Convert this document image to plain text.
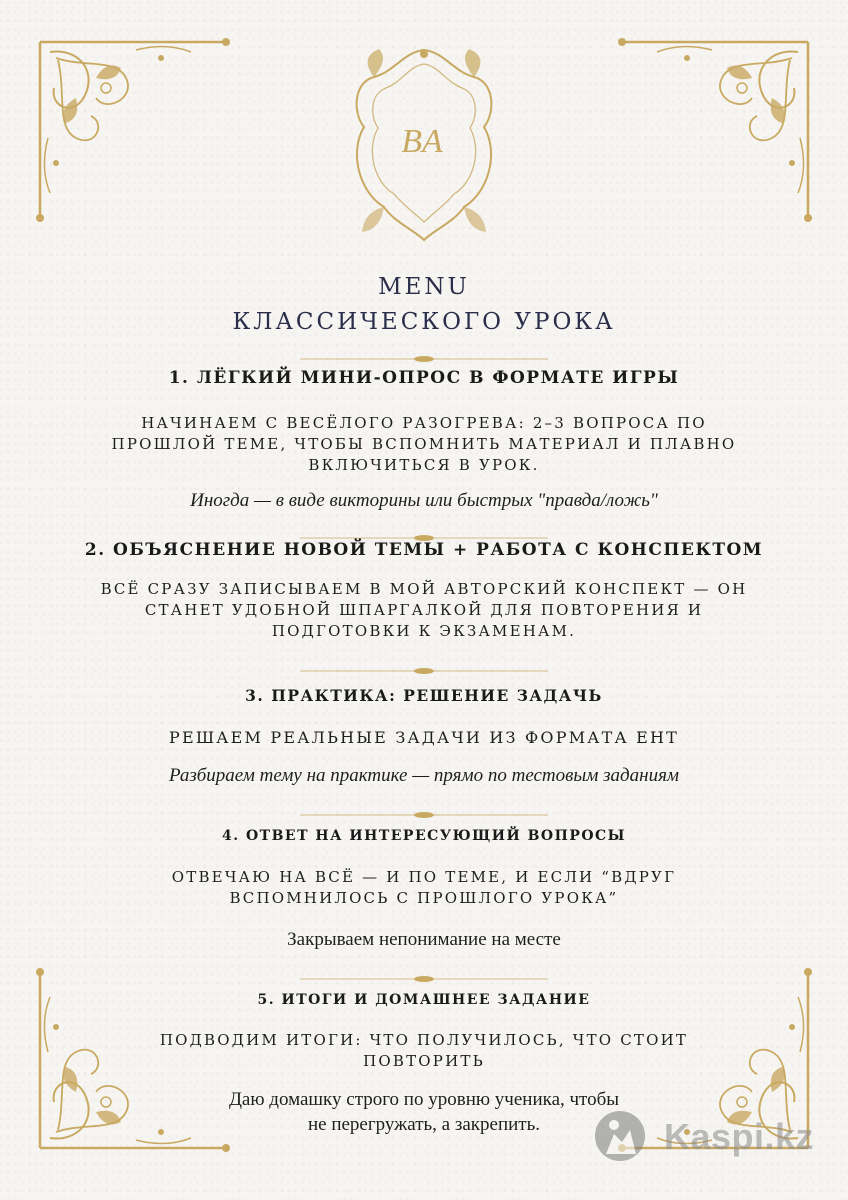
BA
MENU
КЛАССИЧЕСКОГО УРОКА
1. ЛЁГКИЙ МИНИ-ОПРОС В ФОРМАТЕ ИГРЫ
НАЧИНАЕМ С ВЕСЁЛОГО РАЗОГРЕВА: 2–3 ВОПРОСА ПО
ПРОШЛОЙ ТЕМЕ, ЧТОБЫ ВСПОМНИТЬ МАТЕРИАЛ И ПЛАВНО
ВКЛЮЧИТЬСЯ В УРОК.
Иногда — в виде викторины или быстрых "правда/ложь"
2. ОБЪЯСНЕНИЕ НОВОЙ ТЕМЫ + РАБОТА С КОНСПЕКТОМ
ВСЁ СРАЗУ ЗАПИСЫВАЕМ В МОЙ АВТОРСКИЙ КОНСПЕКТ — ОН
СТАНЕТ УДОБНОЙ ШПАРГАЛКОЙ ДЛЯ ПОВТОРЕНИЯ И
ПОДГОТОВКИ К ЭКЗАМЕНАМ.
3. ПРАКТИКА: РЕШЕНИЕ ЗАДАЧЬ
РЕШАЕМ РЕАЛЬНЫЕ ЗАДАЧИ ИЗ ФОРМАТА ЕНТ
Разбираем тему на практике — прямо по тестовым заданиям
4. ОТВЕТ НА ИНТЕРЕСУЮЩИЙ ВОПРОСЫ
ОТВЕЧАЮ НА ВСЁ — И ПО ТЕМЕ, И ЕСЛИ “ВДРУГ
ВСПОМНИЛОСЬ С ПРОШЛОГО УРОКА”
Закрываем непонимание на месте
5. ИТОГИ И ДОМАШНЕЕ ЗАДАНИЕ
ПОДВОДИМ ИТОГИ: ЧТО ПОЛУЧИЛОСЬ, ЧТО СТОИТ
ПОВТОРИТЬ
Даю домашку строго по уровню ученика, чтобы
не перегружать, а закрепить.	Kaspi.kz
